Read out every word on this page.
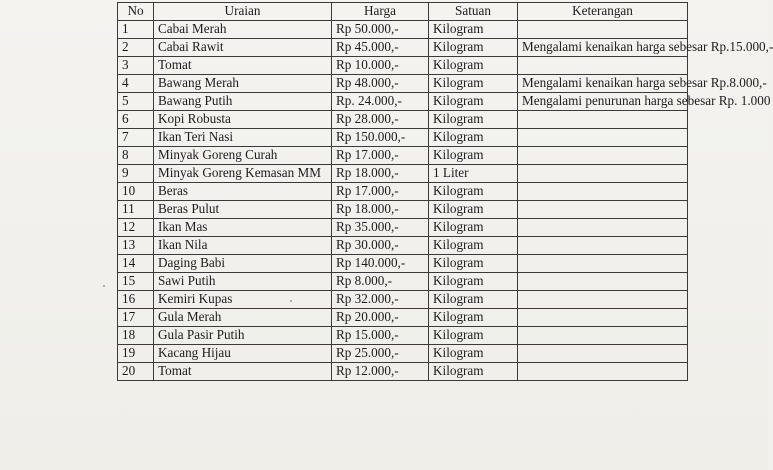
No	Uraian	Harga	Satuan	Keterangan
1	Cabai Merah	Rp 50.000,-	Kilogram	
2	Cabai Rawit	Rp 45.000,-	Kilogram	Mengalami kenaikan harga sebesar Rp.15.000,-
3	Tomat	Rp 10.000,-	Kilogram	
4	Bawang Merah	Rp 48.000,-	Kilogram	Mengalami kenaikan harga sebesar Rp.8.000,-
5	Bawang Putih	Rp. 24.000,-	Kilogram	Mengalami penurunan harga sebesar Rp. 1.000
6	Kopi Robusta	Rp 28.000,-	Kilogram	
7	Ikan Teri Nasi	Rp 150.000,-	Kilogram	
8	Minyak Goreng Curah	Rp 17.000,-	Kilogram	
9	Minyak Goreng Kemasan MM	Rp 18.000,-	1 Liter	
10	Beras	Rp 17.000,-	Kilogram	
11	Beras Pulut	Rp 18.000,-	Kilogram	
12	Ikan Mas	Rp 35.000,-	Kilogram	
13	Ikan Nila	Rp 30.000,-	Kilogram	
14	Daging Babi	Rp 140.000,-	Kilogram	
15	Sawi Putih	Rp 8.000,-	Kilogram	
16	Kemiri Kupas	Rp 32.000,-	Kilogram	
17	Gula Merah	Rp 20.000,-	Kilogram	
18	Gula Pasir Putih	Rp 15.000,-	Kilogram	
19	Kacang Hijau	Rp 25.000,-	Kilogram	
20	Tomat	Rp 12.000,-	Kilogram	
